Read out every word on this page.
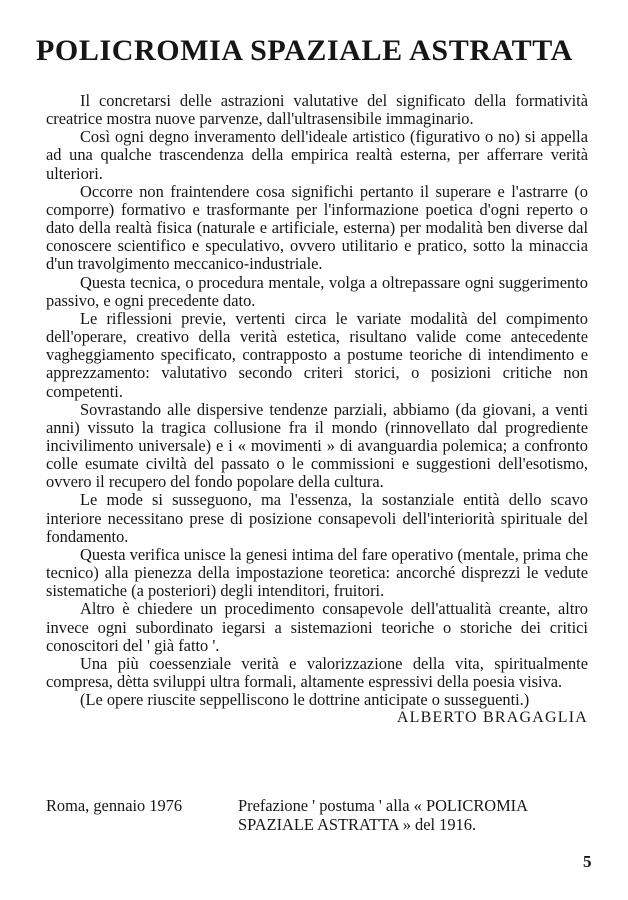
POLICROMIA SPAZIALE ASTRATTA

Il concretarsi delle astrazioni valutative del significato della formatività creatrice mostra nuove parvenze, dall'ultrasensibile immaginario.

Così ogni degno inveramento dell'ideale artistico (figurativo o no) si appella ad una qualche trascendenza della empirica realtà esterna, per afferrare verità ulteriori.

Occorre non fraintendere cosa significhi pertanto il superare e l'astrarre (o comporre) formativo e trasformante per l'informazione poetica d'ogni reperto o dato della realtà fisica (naturale e artificiale, esterna) per modalità ben diverse dal conoscere scientifico e speculativo, ovvero utilitario e pratico, sotto la minaccia d'un travolgimento meccanico-industriale.

Questa tecnica, o procedura mentale, volga a oltrepassare ogni suggerimento passivo, e ogni precedente dato.

Le riflessioni previe, vertenti circa le variate modalità del compimento dell'operare, creativo della verità estetica, risultano valide come antecedente vagheggiamento specificato, contrapposto a postume teoriche di intendimento e apprezzamento: valutativo secondo criteri storici, o posizioni critiche non competenti.

Sovrastando alle dispersive tendenze parziali, abbiamo (da giovani, a venti anni) vissuto la tragica collusione fra il mondo (rinnovellato dal progrediente incivilimento universale) e i « movimenti » di avanguardia polemica; a confronto colle esumate civiltà del passato o le commissioni e suggestioni dell'esotismo, ovvero il recupero del fondo popolare della cultura.

Le mode si susseguono, ma l'essenza, la sostanziale entità dello scavo interiore necessitano prese di posizione consapevoli dell'interiorità spirituale del fondamento.

Questa verifica unisce la genesi intima del fare operativo (mentale, prima che tecnico) alla pienezza della impostazione teoretica: ancorché disprezzi le vedute sistematiche (a posteriori) degli intenditori, fruitori.

Altro è chiedere un procedimento consapevole dell'attualità creante, altro invece ogni subordinato iegarsi a sistemazioni teoriche o storiche dei critici conoscitori del ' già fatto '.

Una più coessenziale verità e valorizzazione della vita, spiritualmente compresa, dètta sviluppi ultra formali, altamente espressivi della poesia visiva.

(Le opere riuscite seppelliscono le dottrine anticipate o susseguenti.)

ALBERTO BRAGAGLIA

Roma, gennaio 1976	Prefazione ' postuma ' alla « POLICROMIA SPAZIALE ASTRATTA » del 1916.
5
